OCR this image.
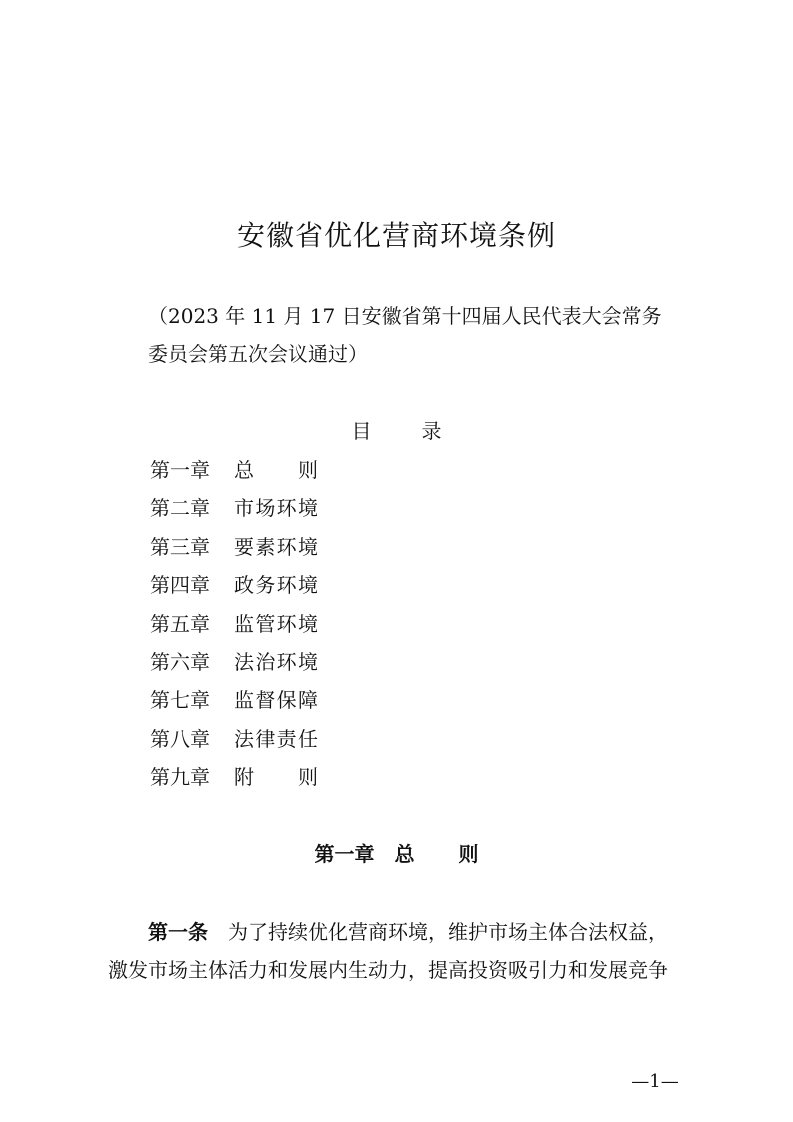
安徽省优化营商环境条例
（2023 年 11 月 17 日安徽省第十四届人民代表大会常务
委员会第五次会议通过）
目	录
第一章	总 则
第二章	市场环境
第三章	要素环境
第四章	政务环境
第五章	监管环境
第六章	法治环境
第七章	监督保障
第八章	法律责任
第九章	附 则
第一章 总 则
第一条 为了持续优化营商环境，维护市场主体合法权益，
激发市场主体活力和发展内生动力，提高投资吸引力和发展竞争
—1—
